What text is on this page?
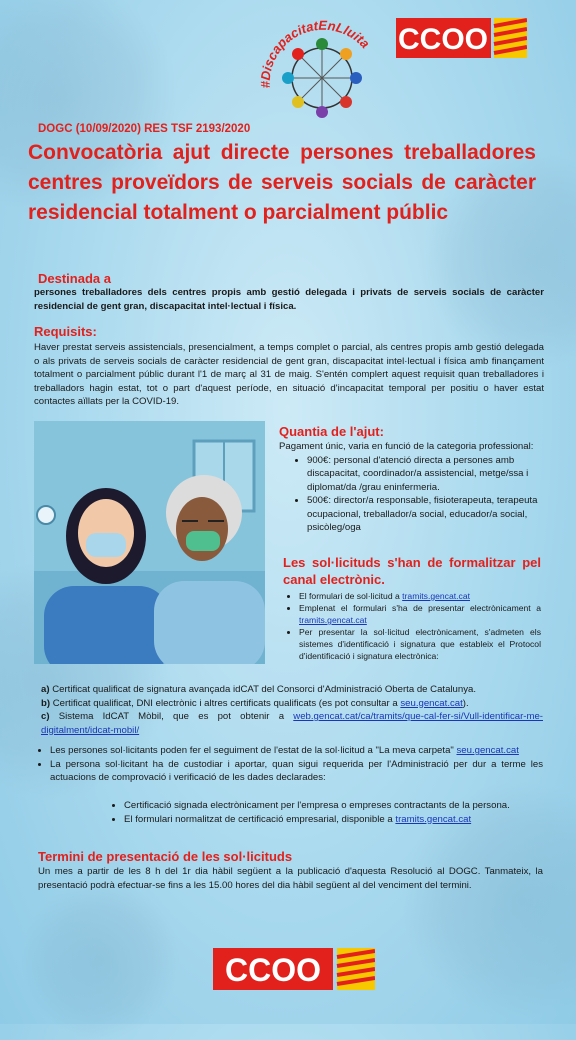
#DiscapacitatEnLluita CCOO
DOGC (10/09/2020) RES TSF 2193/2020
Convocatòria ajut directe persones treballadores centres proveïdors de serveis socials de caràcter residencial totalment o parcialment públic
Destinada a
persones treballadores dels centres propis amb gestió delegada i privats de serveis socials de caràcter residencial de gent gran, discapacitat intel·lectual i física.
Requisits:
Haver prestat serveis assistencials, presencialment, a temps complet o parcial, als centres propis amb gestió delegada o als privats de serveis socials de caràcter residencial de gent gran, discapacitat intel·lectual i física amb finançament totalment o parcialment públic durant l'1 de març al 31 de maig. S'entén complert aquest requisit quan treballadores i treballadors hagin estat, tot o part d'aquest període, en situació d'incapacitat temporal per positiu o haver estat contactes aïllats per la COVID-19.
Quantia de l'ajut:
Pagament únic, varia en funció de la categoria professional:
• 900€: personal d'atenció directa a persones amb discapacitat, coordinador/a assistencial, metge/ssa i diplomat/da /grau eninfermeria.
• 500€: director/a responsable, fisioterapeuta, terapeuta ocupacional, treballador/a social, educador/a social, psicòleg/oga
Les sol·licituds s'han de formalitzar pel canal electrònic.
• El formulari de sol·licitud a tramits.gencat.cat
• Emplenat el formulari s'ha de presentar electrònicament a tramits.gencat.cat
• Per presentar la sol·licitud electrònicament, s'admeten els sistemes d'identificació i signatura que estableix el Protocol d'identificació i signatura electrònica:
a) Certificat qualificat de signatura avançada idCAT del Consorci d'Administració Oberta de Catalunya.
b) Certificat qualificat, DNI electrònic i altres certificats qualificats (es pot consultar a seu.gencat.cat).
c) Sistema IdCAT Mòbil, que es pot obtenir a web.gencat.cat/ca/tramits/que-cal-fer-si/Vull-identificar-me-digitalment/idcat-mobil/
• Les persones sol·licitants poden fer el seguiment de l'estat de la sol·licitud a "La meva carpeta" seu.gencat.cat
• La persona sol·licitant ha de custodiar i aportar, quan sigui requerida per l'Administració per dur a terme les actuacions de comprovació i verificació de les dades declarades:
• Certificació signada electrònicament per l'empresa o empreses contractants de la persona.
• El formulari normalitzat de certificació empresarial, disponible a tramits.gencat.cat
Termini de presentació de les sol·licituds
Un mes a partir de les 8 h del 1r dia hàbil següent a la publicació d'aquesta Resolució al DOGC. Tanmateix, la presentació podrà efectuar-se fins a les 15.00 hores del dia hàbil següent al del venciment del termini.
CCOO
